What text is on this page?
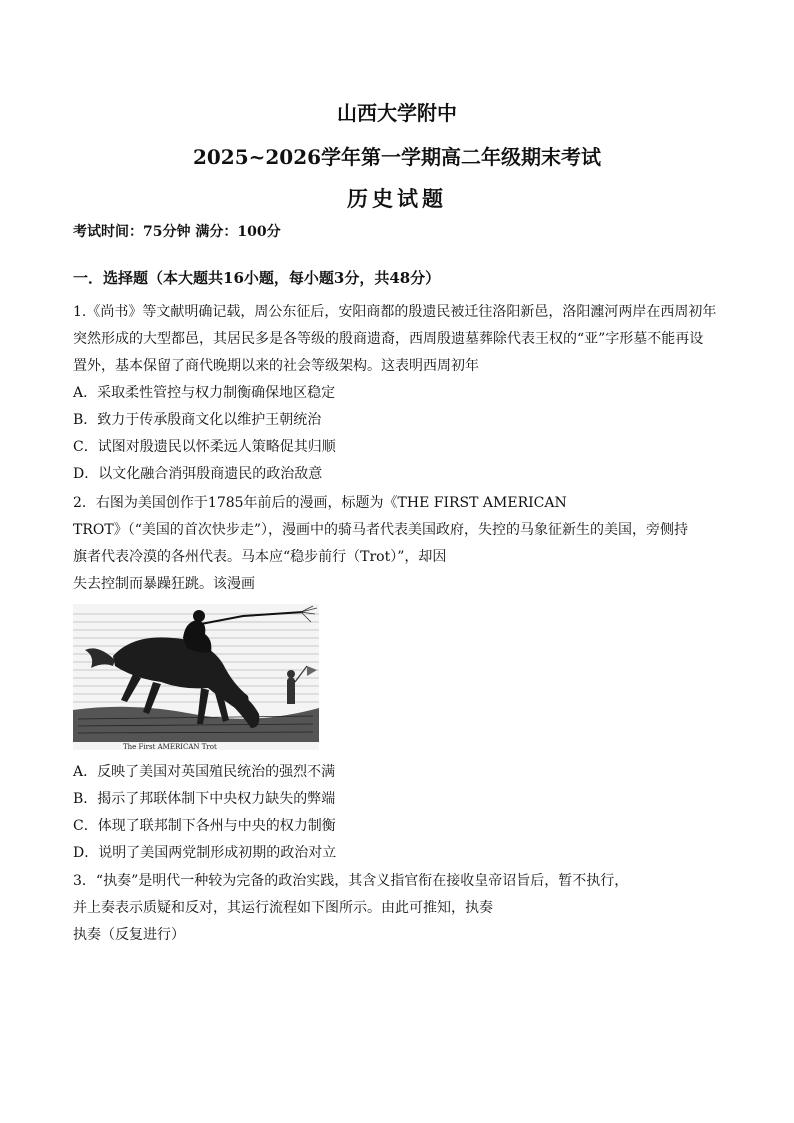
山西大学附中
2025~2026学年第一学期高二年级期末考试
历史试题
考试时间：75分钟 满分：100分
一．选择题（本大题共16小题，每小题3分，共48分）
1.《尚书》等文献明确记载，周公东征后，安阳商都的殷遗民被迁往洛阳新邑，洛阳瀍河两岸在西周初年
突然形成的大型都邑，其居民多是各等级的殷商遗裔，西周殷遗墓葬除代表王权的“亚”字形墓不能再设
置外，基本保留了商代晚期以来的社会等级架构。这表明西周初年
A．采取柔性管控与权力制衡确保地区稳定
B．致力于传承殷商文化以维护王朝统治
C．试图对殷遗民以怀柔远人策略促其归顺
D．以文化融合消弭殷商遗民的政治敌意
2．右图为美国创作于1785年前后的漫画，标题为《THE FIRST AMERICAN
TROT》（“美国的首次快步走”），漫画中的骑马者代表美国政府，失控的马象征新生的美国，旁侧持
旗者代表冷漠的各州代表。马本应“稳步前行（Trot）”，却因
失去控制而暴躁狂跳。该漫画
The First AMERICAN Trot
A．反映了美国对英国殖民统治的强烈不满
B．揭示了邦联体制下中央权力缺失的弊端
C．体现了联邦制下各州与中央的权力制衡
D．说明了美国两党制形成初期的政治对立
3．“执奏”是明代一种较为完备的政治实践，其含义指官衔在接收皇帝诏旨后，暂不执行，
并上奏表示质疑和反对，其运行流程如下图所示。由此可推知，执奏
执奏（反复进行）
